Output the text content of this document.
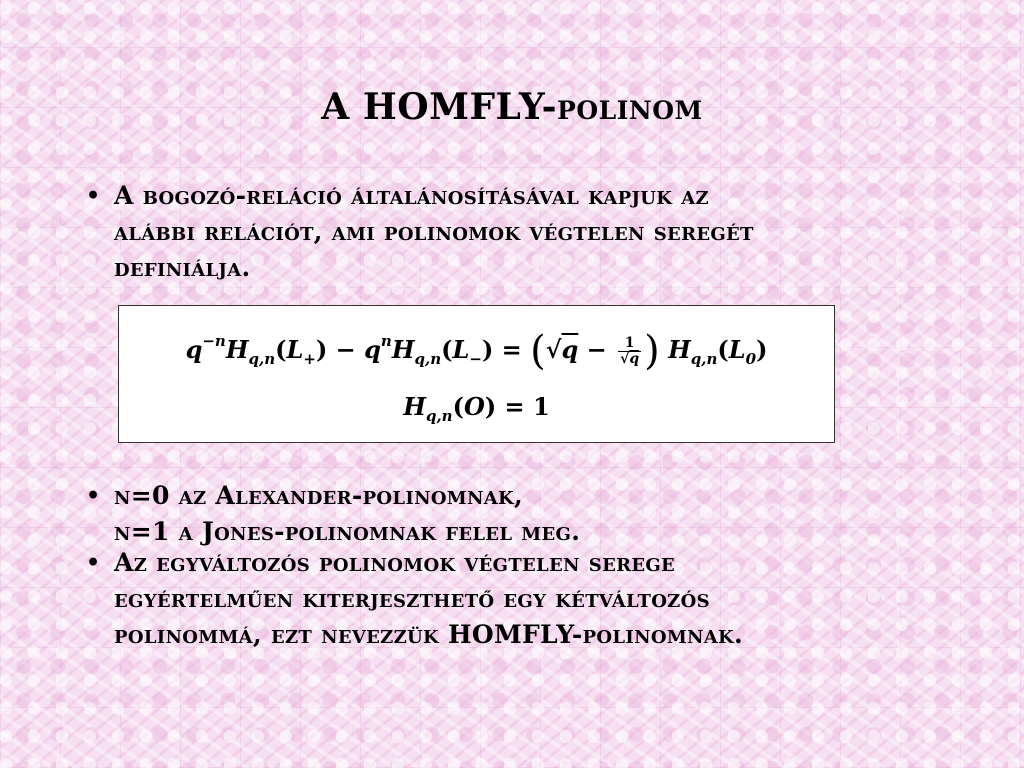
A HOMFLY-polinom
• A bogozó-reláció általánosításával kapjuk az
alábbi relációt, ami polinomok végtelen seregét
definiálja.
$q^{-n}H_{q,n}(L_+) - q^nH_{q,n}(L_-) = (√q - \frac{1}{√q}$ ) $H_{q,n}(L_0)$
$H_{q,n}(O) = 1$
• n=0 az Alexander-polinomnak,
n=1 a Jones-polinomnak felel meg.
• Az egyváltozós polinomok végtelen serege
egyértelműen kiterjeszthető egy kétváltozós
polinommá, ezt nevezzük HOMFLY-polinomnak.
